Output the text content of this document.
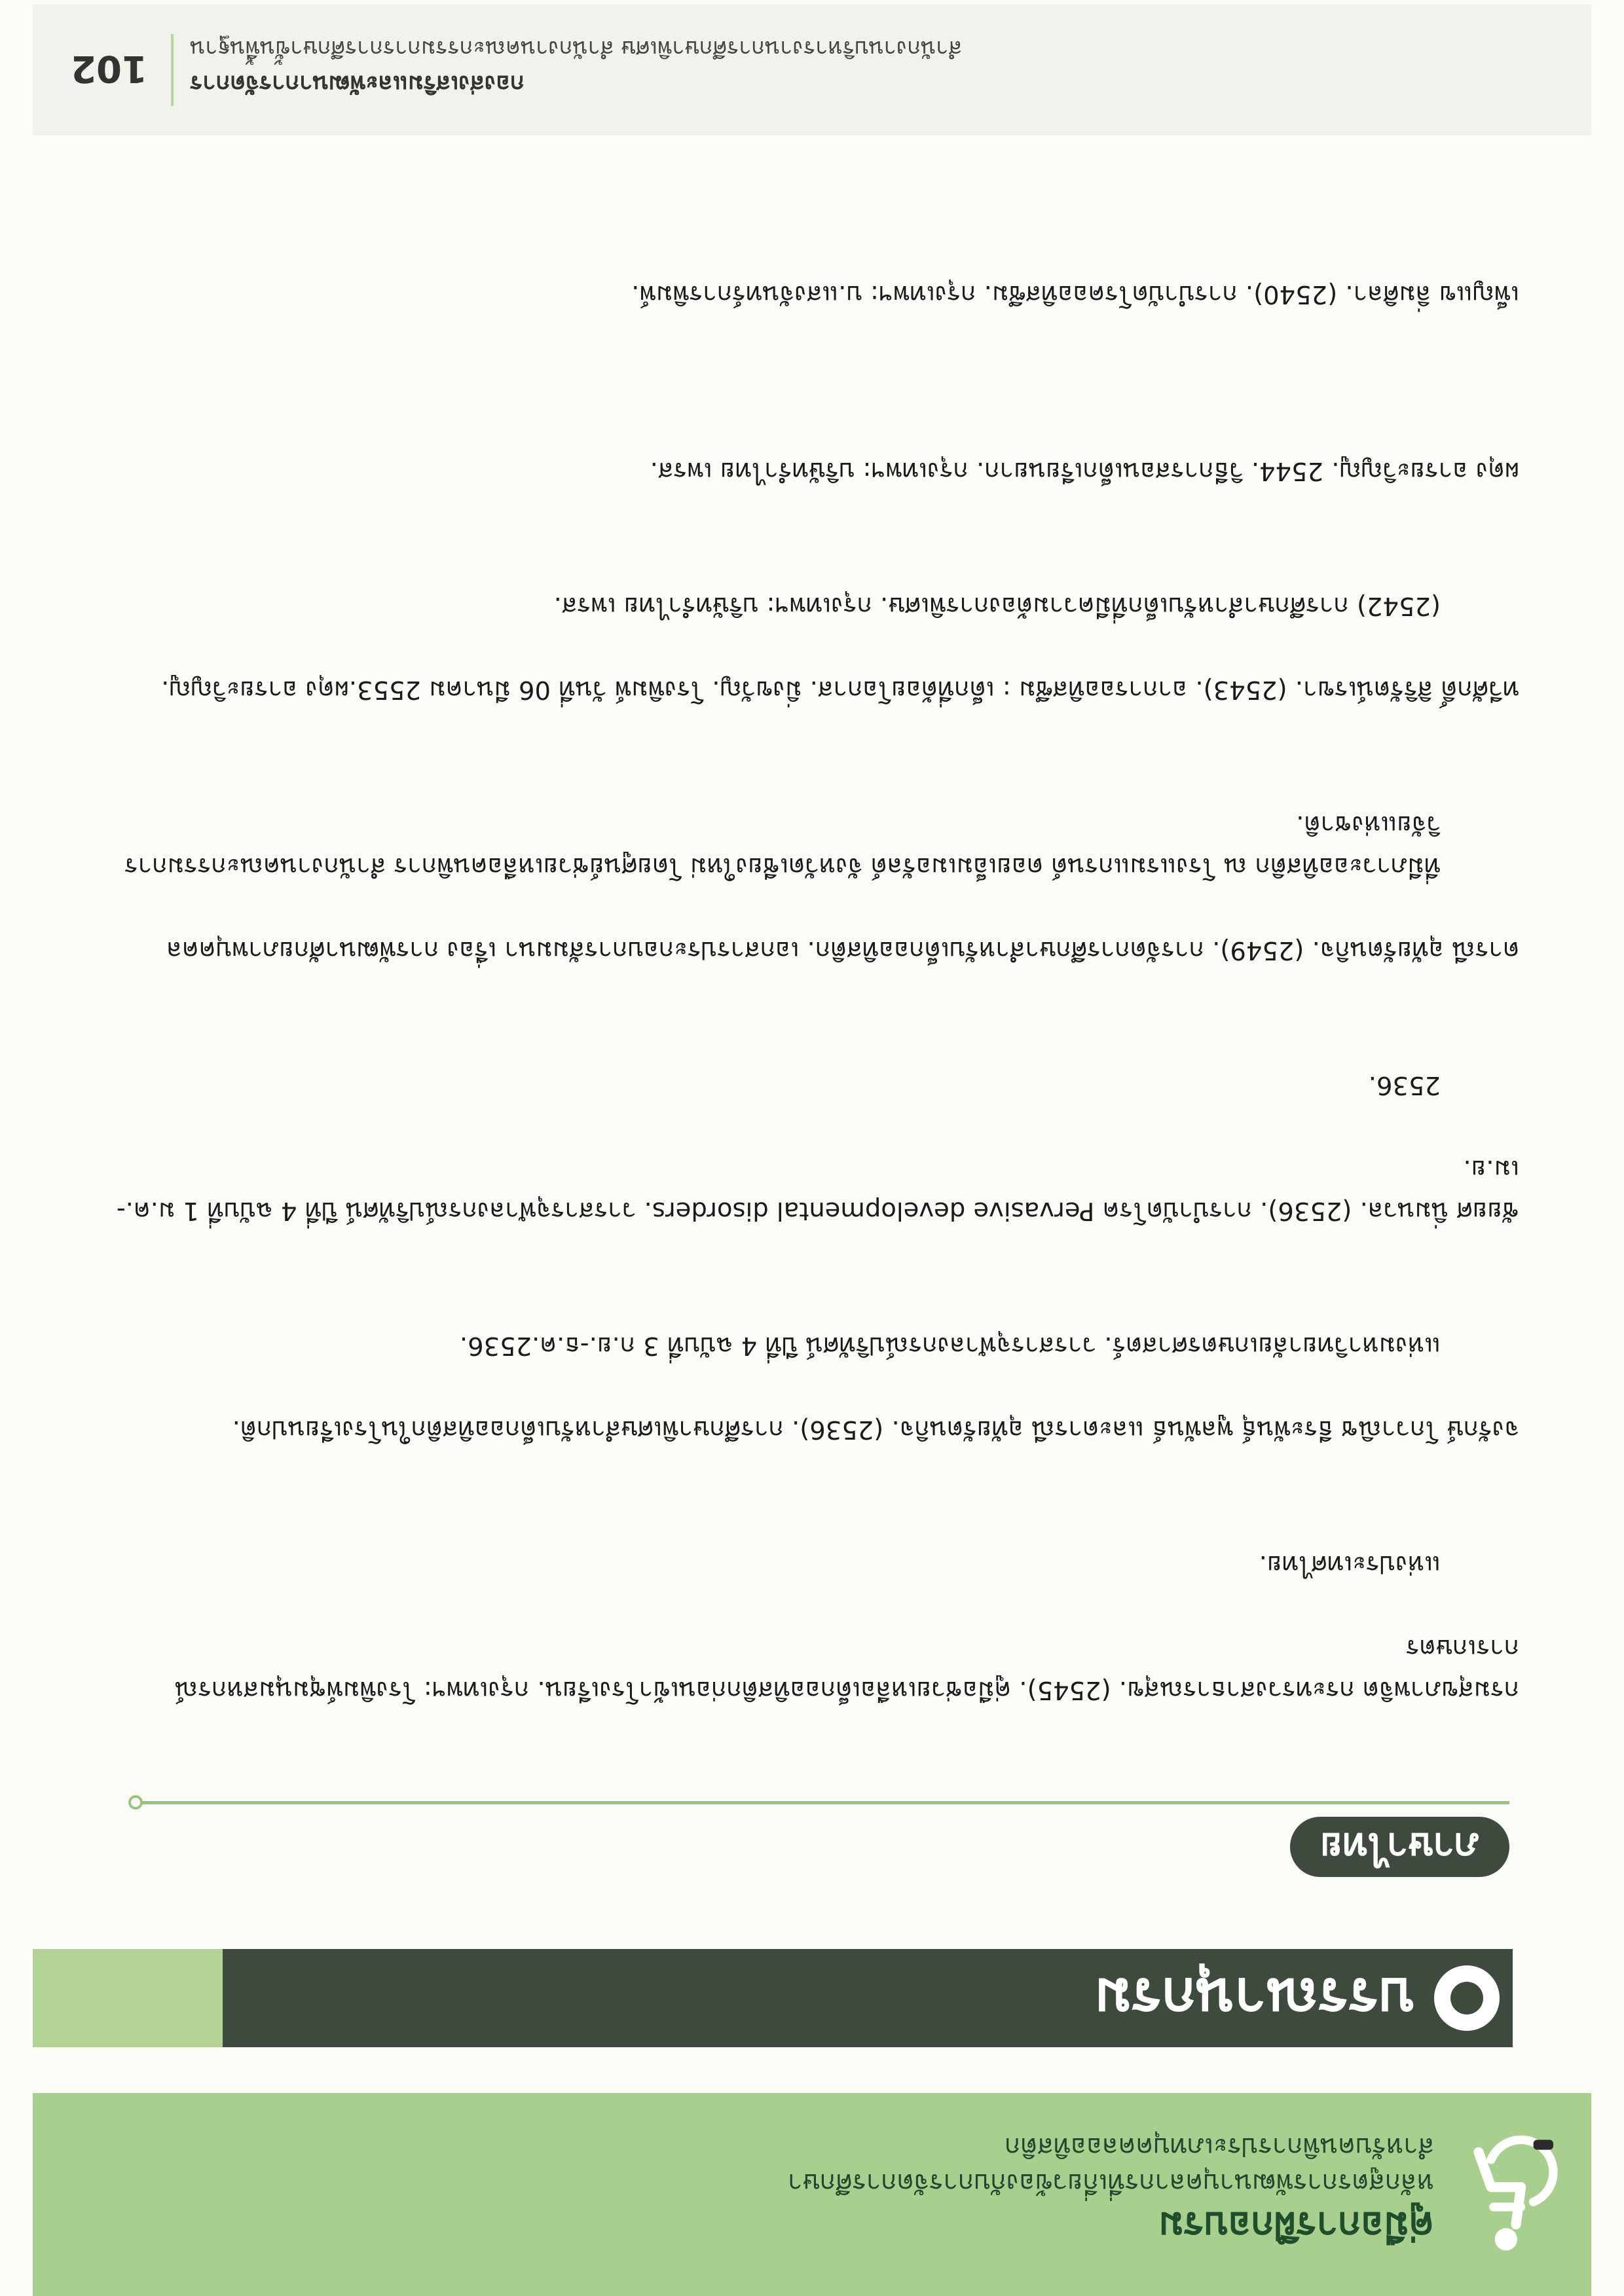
คู่มือการฝึกอบรม
หลักสูตรการพัฒนาบุคลากรที่เกี่ยวข้องกับการจัดการศึกษา
สำหรับคนพิการประเภทบุคคลออทิสติก
บรรณานุกรม
ภาษาไทย

กรมสุขภาพจิต กระทรวงสาธารณสุข. (2545). คู่มือช่วยเหลือเด็กออทิสติกก่อนเข้าโรงเรียน. กรุงเทพฯ: โรงพิมพ์ชุมนุมสหกรณ์การเกษตร

แห่งประเทศไทย.

จงรักษ์ โกวาณิช ธีระพันธุ์ พูลพันธ์ และดารณี อุทัยรัตนกิจ. (2536). การศึกษาพิเศษสำหรับเด็กออทิสติกในโรงเรียนปกติ.

แห่งมหาวิทยาลัยเกษตรศาสตร์. วารสารจุฬาลงกรณ์ปริทัศน์ ปีที่ 4 ฉบับที่ 3 ก.ย.-ธ.ค.2536.

ชัยยศ นิ่มนวล. (2536). การบำบัดโรค Pervasive developmental disorders. วารสารจุฬาลงกรณ์ปริทัศน์ ปีที่ 4 ฉบับที่ 1 ม.ค.-เม.ย.

2536.

ดารณี อุทัยรัตนกิจ. (2549). การจัดการศึกษาสำหรับเด็กออทิสติก. เอกสารประกอบการสัมมนา เรื่อง การพัฒนาศักยภาพบุคคล

ที่มีภาวะออทิสติก ณ โรงแรมแกรนด์ ดอยเอ็มเมอรัลด์ จังหวัดเชียงใหม่ โดยศูนย์ช่วยเหลือคนพิการ สำนักงานคณะกรรมการ
วิจัยแห่งชาติ.

ทวีศักดิ์ สิริรัตน์เรขา. (2543). อาการออทิสซึม : เด็กที่ด้อยโอกาส. มิ่งขวัญ. โรงพิมพ์ วันที่ 06 มีนาคม 2553.ผดุง อารยะวิญญู.

(2542) การศึกษาสำหรับเด็กที่มีความต้องการพิเศษ. กรุงเทพฯ: บริษัทรำไทย เพรส.

ผดุง อารยะวิญญู. 2544. วิธีการสอนเด็กเรียนยาก. กรุงเทพฯ: บริษัทรำไทย เพรส.

เพ็ญแข ลิ่มศิลา. (2540). การบำบัดโรคออทิสซึม. กรุงเทพฯ: บ.แสงจันทร์การพิมพ์.

102 กองส่งเสริมและพัฒนาการจัดการ
สำนักงานบริหารงานการศึกษาพิเศษ สำนักงานคณะกรรมการการศึกษาขั้นพื้นฐาน
